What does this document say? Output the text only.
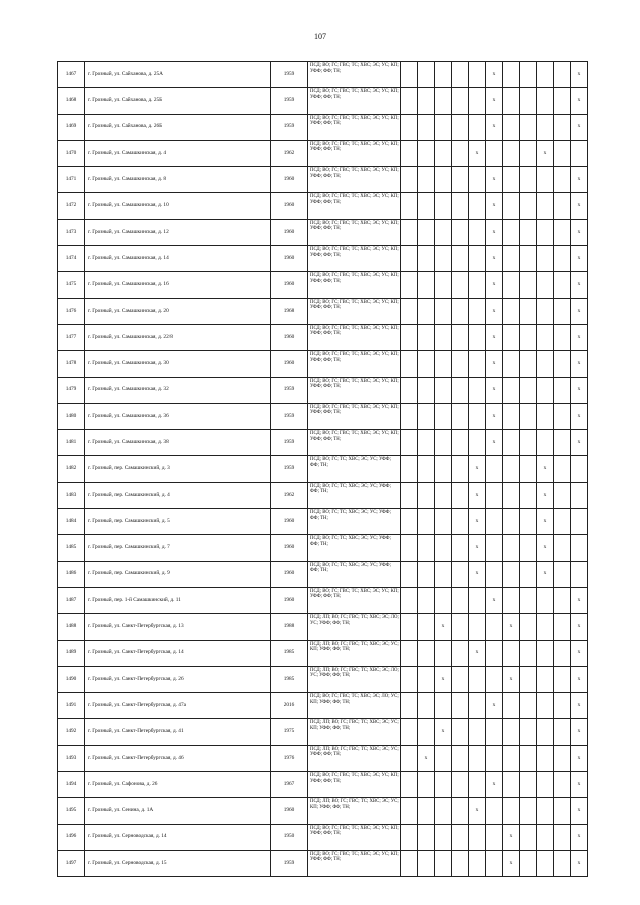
107
1467	г. Грозный, ул. Сайханова, д. 25А	1959	ПСД; ВО; ГС; ГВС; ТС; ХВС; ЭС; УС; КП; УФФ; ФФ; ТН;						x					x
1468	г. Грозный, ул. Сайханова, д. 25Б	1959	ПСД; ВО; ГС; ГВС; ТС; ХВС; ЭС; УС; КП; УФФ; ФФ; ТН;						x					x
1469	г. Грозный, ул. Сайханова, д. 26Б	1959	ПСД; ВО; ГС; ГВС; ТС; ХВС; ЭС; УС; КП; УФФ; ФФ; ТН;						x					x
1470	г. Грозный, ул. Самашкинская, д. 4	1962	ПСД; ВО; ГС; ГВС; ТС; ХВС; ЭС; УС; КП; УФФ; ФФ; ТН;					x				x		
1471	г. Грозный, ул. Самашкинская, д. 8	1960	ПСД; ВО; ГС; ГВС; ТС; ХВС; ЭС; УС; КП; УФФ; ФФ; ТН;						x					x
1472	г. Грозный, ул. Самашкинская, д. 10	1960	ПСД; ВО; ГС; ГВС; ТС; ХВС; ЭС; УС; КП; УФФ; ФФ; ТН;						x					x
1473	г. Грозный, ул. Самашкинская, д. 12	1960	ПСД; ВО; ГС; ГВС; ТС; ХВС; ЭС; УС; КП; УФФ; ФФ; ТН;						x					x
1474	г. Грозный, ул. Самашкинская, д. 14	1960	ПСД; ВО; ГС; ГВС; ТС; ХВС; ЭС; УС; КП; УФФ; ФФ; ТН;						x					x
1475	г. Грозный, ул. Самашкинская, д. 16	1960	ПСД; ВО; ГС; ГВС; ТС; ХВС; ЭС; УС; КП; УФФ; ФФ; ТН;						x					x
1476	г. Грозный, ул. Самашкинская, д. 20	1968	ПСД; ВО; ГС; ГВС; ТС; ХВС; ЭС; УС; КП; УФФ; ФФ; ТН;						x					x
1477	г. Грозный, ул. Самашкинская, д. 22/8	1960	ПСД; ВО; ГС; ГВС; ТС; ХВС; ЭС; УС; КП; УФФ; ФФ; ТН;						x					x
1478	г. Грозный, ул. Самашкинская, д. 30	1960	ПСД; ВО; ГС; ГВС; ТС; ХВС; ЭС; УС; КП; УФФ; ФФ; ТН;						x					x
1479	г. Грозный, ул. Самашкинская, д. 32	1959	ПСД; ВО; ГС; ГВС; ТС; ХВС; ЭС; УС; КП; УФФ; ФФ; ТН;						x					x
1480	г. Грозный, ул. Самашкинская, д. 36	1959	ПСД; ВО; ГС; ГВС; ТС; ХВС; ЭС; УС; КП; УФФ; ФФ; ТН;						x					x
1481	г. Грозный, ул. Самашкинская, д. 38	1959	ПСД; ВО; ГС; ГВС; ТС; ХВС; ЭС; УС; КП; УФФ; ФФ; ТН;						x					x
1482	г. Грозный, пер. Самашкинский, д. 3	1959	ПСД; ВО; ГС; ТС; ХВС; ЭС; УС; УФФ; ФФ; ТН;					x				x		
1483	г. Грозный, пер. Самашкинский, д. 4	1962	ПСД; ВО; ГС; ТС; ХВС; ЭС; УС; УФФ; ФФ; ТН;					x				x		
1484	г. Грозный, пер. Самашкинский, д. 5	1960	ПСД; ВО; ГС; ТС; ХВС; ЭС; УС; УФФ; ФФ; ТН;					x				x		
1485	г. Грозный, пер. Самашкинский, д. 7	1960	ПСД; ВО; ГС; ТС; ХВС; ЭС; УС; УФФ; ФФ; ТН;					x				x		
1486	г. Грозный, пер. Самашкинский, д. 9	1960	ПСД; ВО; ГС; ТС; ХВС; ЭС; УС; УФФ; ФФ; ТН;					x				x		
1487	г. Грозный, пер. 1-й Самашкинский, д. 11	1960	ПСД; ВО; ГС; ГВС; ТС; ХВС; ЭС; УС; КП; УФФ; ФФ; ТН;						x					x
1488	г. Грозный, ул. Санкт-Петербургская, д. 13	1988	ПСД; ЛП; ВО; ГС; ГВС; ТС; ХВС; ЭС; ЛО; УС; УФФ; ФФ; ТН;			x				x				x
1489	г. Грозный, ул. Санкт-Петербургская, д. 14	1985	ПСД; ЛП; ВО; ГС; ГВС; ТС; ХВС; ЭС; УС; КП; УФФ; ФФ; ТН;					x						x
1490	г. Грозный, ул. Санкт-Петербургская, д. 26	1985	ПСД; ЛП; ВО; ГС; ГВС; ТС; ХВС; ЭС; ЛО; УС; УФФ; ФФ; ТН;			x				x				x
1491	г. Грозный, ул. Санкт-Петербургская, д. 47а	2016	ПСД; ВО; ГС; ГВС; ТС; ХВС; ЭС; ЛО; УС; КП; УФФ; ФФ; ТН;						x					x
1492	г. Грозный, ул. Санкт-Петербургская, д. 41	1975	ПСД; ЛП; ВО; ГС; ГВС; ТС; ХВС; ЭС; УС; КП; УФФ; ФФ; ТН;			x								x
1493	г. Грозный, ул. Санкт-Петербургская, д. 46	1976	ПСД; ЛП; ВО; ГС; ГВС; ТС; ХВС; ЭС; УС; УФФ; ФФ; ТН;		x									x
1494	г. Грозный, ул. Сафонова, д. 26	1967	ПСД; ВО; ГС; ГВС; ТС; ХВС; ЭС; УС; КП; УФФ; ФФ; ТН;						x					x
1495	г. Грозный, ул. Сенина, д. 1А	1960	ПСД; ЛП; ВО; ГС; ГВС; ТС; ХВС; ЭС; УС; КП; УФФ; ФФ; ТН;					x						x
1496	г. Грозный, ул. Серноводская, д. 14	1950	ПСД; ВО; ГС; ГВС; ТС; ХВС; ЭС; УС; КП; УФФ; ФФ; ТН;							x				x
1497	г. Грозный, ул. Серноводская, д. 15	1959	ПСД; ВО; ГС; ГВС; ТС; ХВС; ЭС; УС; КП; УФФ; ФФ; ТН;							x				x
